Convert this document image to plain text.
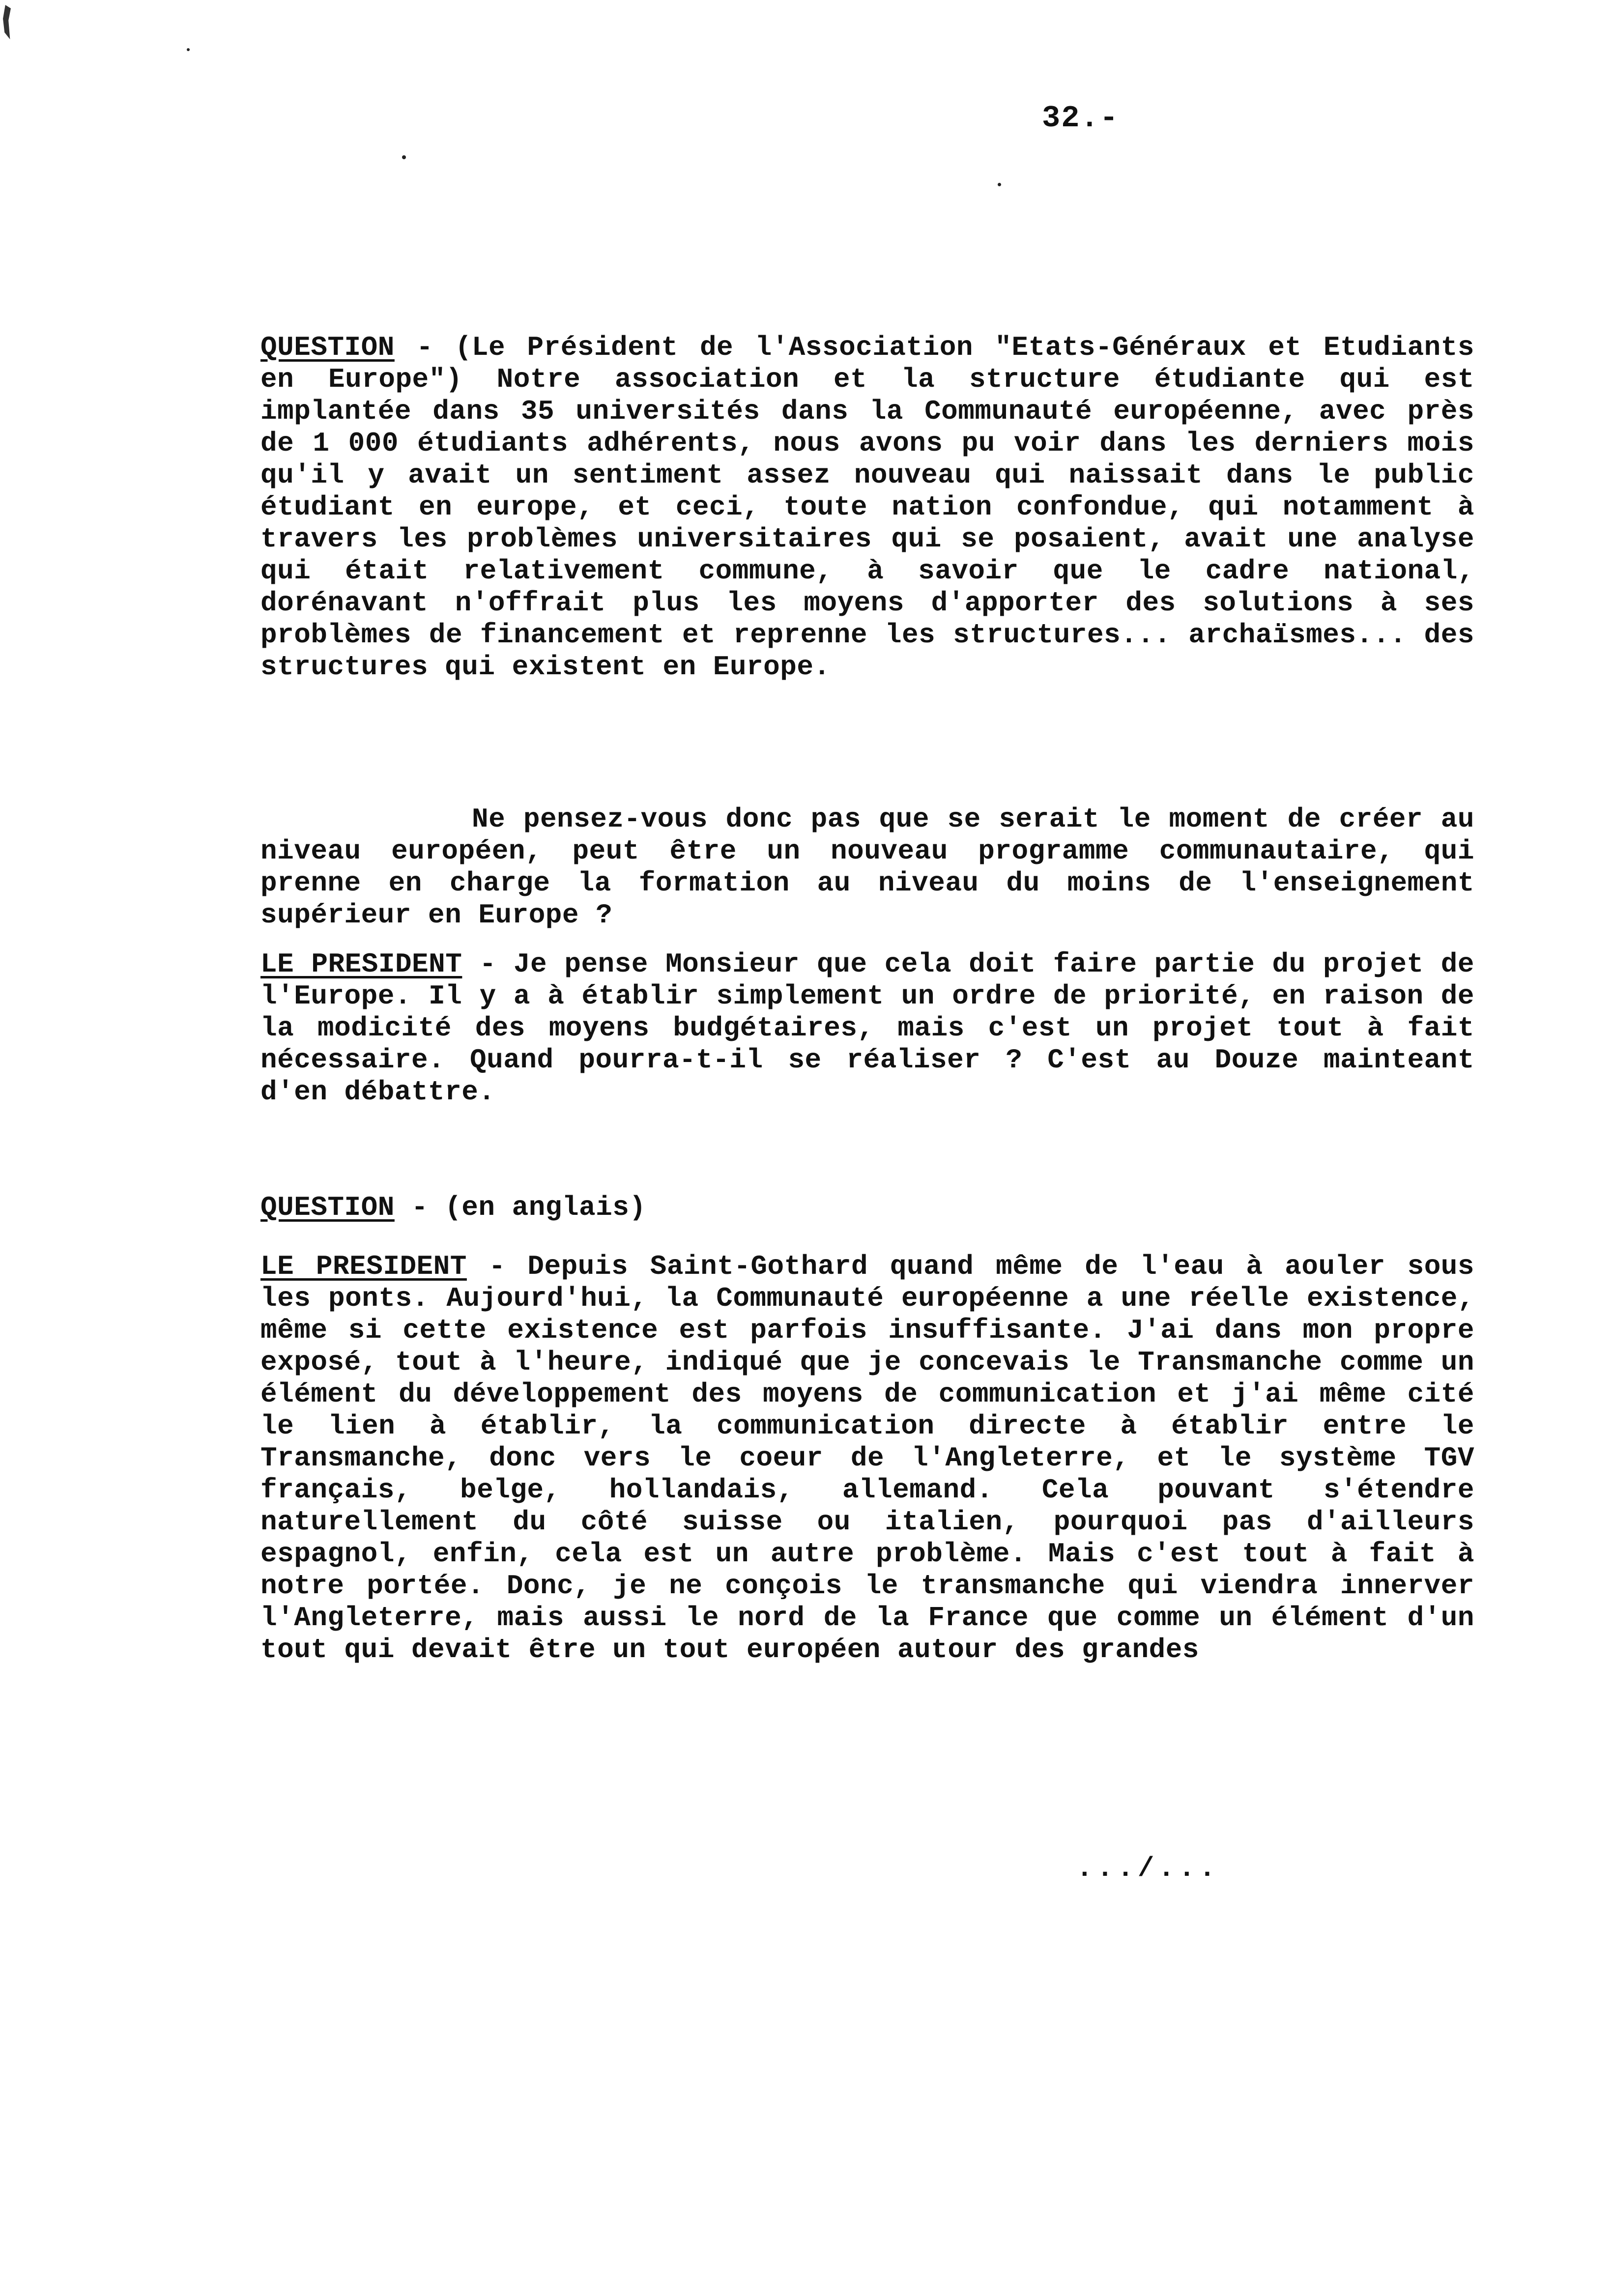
32.-

QUESTION - (Le Président de l'Association "Etats-Généraux et Etudiants en Europe") Notre association et la structure étudiante qui est implantée dans 35 universités dans la Communauté européenne, avec près de 1 000 étudiants adhérents, nous avons pu voir dans les derniers mois qu'il y avait un sentiment assez nouveau qui naissait dans le public étudiant en europe, et ceci, toute nation confondue, qui notamment à travers les problèmes universitaires qui se posaient, avait une analyse qui était relativement commune, à savoir que le cadre national, dorénavant n'offrait plus les moyens d'apporter des solutions à ses problèmes de financement et reprenne les structures... archaïsmes... des structures qui existent en Europe.

Ne pensez-vous donc pas que se serait le moment de créer au niveau européen, peut être un nouveau programme communautaire, qui prenne en charge la formation au niveau du moins de l'enseignement supérieur en Europe ?

LE PRESIDENT - Je pense Monsieur que cela doit faire partie du projet de l'Europe. Il y a à établir simplement un ordre de priorité, en raison de la modicité des moyens budgétaires, mais c'est un projet tout à fait nécessaire. Quand pourra-t-il se réaliser ? C'est au Douze mainteant d'en débattre.

QUESTION - (en anglais)

LE PRESIDENT - Depuis Saint-Gothard quand même de l'eau à aouler sous les ponts. Aujourd'hui, la Communauté européenne a une réelle existence, même si cette existence est parfois insuffisante. J'ai dans mon propre exposé, tout à l'heure, indiqué que je concevais le Transmanche comme un élément du développement des moyens de communication et j'ai même cité le lien à établir, la communication directe à établir entre le Transmanche, donc vers le coeur de l'Angleterre, et le système TGV français, belge, hollandais, allemand. Cela pouvant s'étendre naturellement du côté suisse ou italien, pourquoi pas d'ailleurs espagnol, enfin, cela est un autre problème. Mais c'est tout à fait à notre portée. Donc, je ne conçois le transmanche qui viendra innerver l'Angleterre, mais aussi le nord de la France que comme un élément d'un tout qui devait être un tout européen autour des grandes

.../...
